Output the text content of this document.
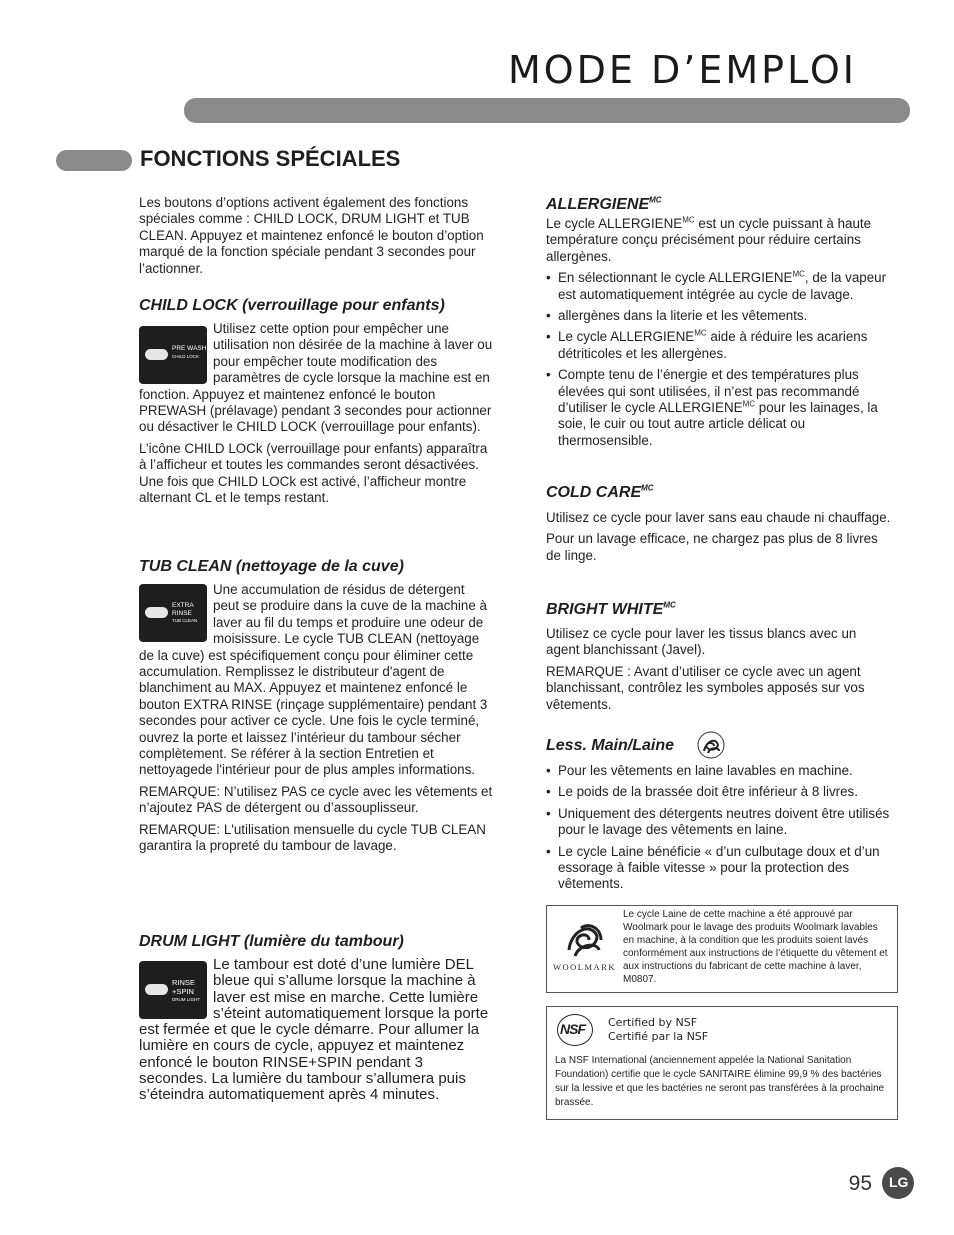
MODE D’EMPLOI
FONCTIONS SPÉCIALES

Les boutons d’options activent également des fonctions spéciales comme : CHILD LOCK, DRUM LIGHT et TUB CLEAN. Appuyez et maintenez enfoncé le bouton d’option marqué de la fonction spéciale pendant 3 secondes pour l’actionner.

CHILD LOCK (verrouillage pour enfants)
PRE WASH
CHILD LOCK

Utilisez cette option pour empêcher une utilisation non désirée de la machine à laver ou pour empêcher toute modification des paramètres de cycle lorsque la machine est en fonction. Appuyez et maintenez enfoncé le bouton PREWASH (prélavage) pendant 3 secondes pour actionner ou désactiver le CHILD LOCK (verrouillage pour enfants).

L’icône CHILD LOCk (verrouillage pour enfants) apparaîtra à l’afficheur et toutes les commandes seront désactivées. Une fois que CHILD LOCk est activé, l’afficheur montre alternant CL et le temps restant.

TUB CLEAN (nettoyage de la cuve)
EXTRA
RINSE
TUB CLEAN

Une accumulation de résidus de détergent peut se produire dans la cuve de la machine à laver au fil du temps et produire une odeur de moisissure. Le cycle TUB CLEAN (nettoyage de la cuve) est spécifiquement conçu pour éliminer cette accumulation. Remplissez le distributeur d'agent de blanchiment au MAX. Appuyez et maintenez enfoncé le bouton EXTRA RINSE (rinçage supplémentaire) pendant 3 secondes pour activer ce cycle. Une fois le cycle terminé, ouvrez la porte et laissez l’intérieur du tambour sécher complètement. Se référer à la section Entretien et nettoyagede l'intérieur pour de plus amples informations.

REMARQUE: N’utilisez PAS ce cycle avec les vêtements et n’ajoutez PAS de détergent ou d’assouplisseur.

REMARQUE: L'utilisation mensuelle du cycle TUB CLEAN garantira la propreté du tambour de lavage.

DRUM LIGHT (lumière du tambour)
RINSE
+SPIN
DRUM LIGHT

Le tambour est doté d’une lumière DEL bleue qui s’allume lorsque la machine à laver est mise en marche. Cette lumière s’éteint automatiquement lorsque la porte est fermée et que le cycle démarre. Pour allumer la lumière en cours de cycle, appuyez et maintenez enfoncé le bouton RINSE+SPIN pendant 3 secondes. La lumière du tambour s’allumera puis s’éteindra automatiquement après 4 minutes.

$ALLERGIENE^{MC}$

Le cycle $ALLERGIENE^{MC}$ est un cycle puissant à haute température conçu précisément pour réduire certains allergènes.

• En sélectionnant le cycle $ALLERGIENE^{MC}$, de la vapeur est automatiquement intégrée au cycle de lavage.
• allergènes dans la literie et les vêtements.
• Le cycle $ALLERGIENE^{MC}$ aide à réduire les acariens détriticoles et les allergènes.
• Compte tenu de l’énergie et des températures plus élevées qui sont utilisées, il n’est pas recommandé d’utiliser le cycle $ALLERGIENE^{MC}$ pour les lainages, la soie, le cuir ou tout autre article délicat ou thermosensible.
COLD $CARE^{MC}$

Utilisez ce cycle pour laver sans eau chaude ni chauffage.

Pour un lavage efficace, ne chargez pas plus de 8 livres de linge.

BRIGHT $WHITE^{MC}$

Utilisez ce cycle pour laver les tissus blancs avec un agent blanchissant (Javel).

REMARQUE : Avant d’utiliser ce cycle avec un agent blanchissant, contrôlez les symboles apposés sur vos vêtements.

Less. Main/Laine
• Pour les vêtements en laine lavables en machine.
• Le poids de la brassée doit être inférieur à 8 livres.
• Uniquement des détergents neutres doivent être utilisés pour le lavage des vêtements en laine.
• Le cycle Laine bénéficie « d’un culbutage doux et d’un essorage à faible vitesse » pour la protection des vêtements.
WOOLMARK
Le cycle Laine de cette machine a été approuvé par Woolmark pour le lavage des produits Woolmark lavables en machine, à la condition que les produits soient lavés conformément aux instructions de l’étiquette du vêtement et aux instructions du fabricant de cette machine à laver, M0807.
NSF Certified by NSF
Certifié par la NSF
La NSF International (anciennement appelée la National Sanitation Foundation) certifie que le cycle SANITAIRE élimine 99,9 % des bactéries sur la lessive et que les bactéries ne seront pas transférées à la prochaine brassée.
95 LG
